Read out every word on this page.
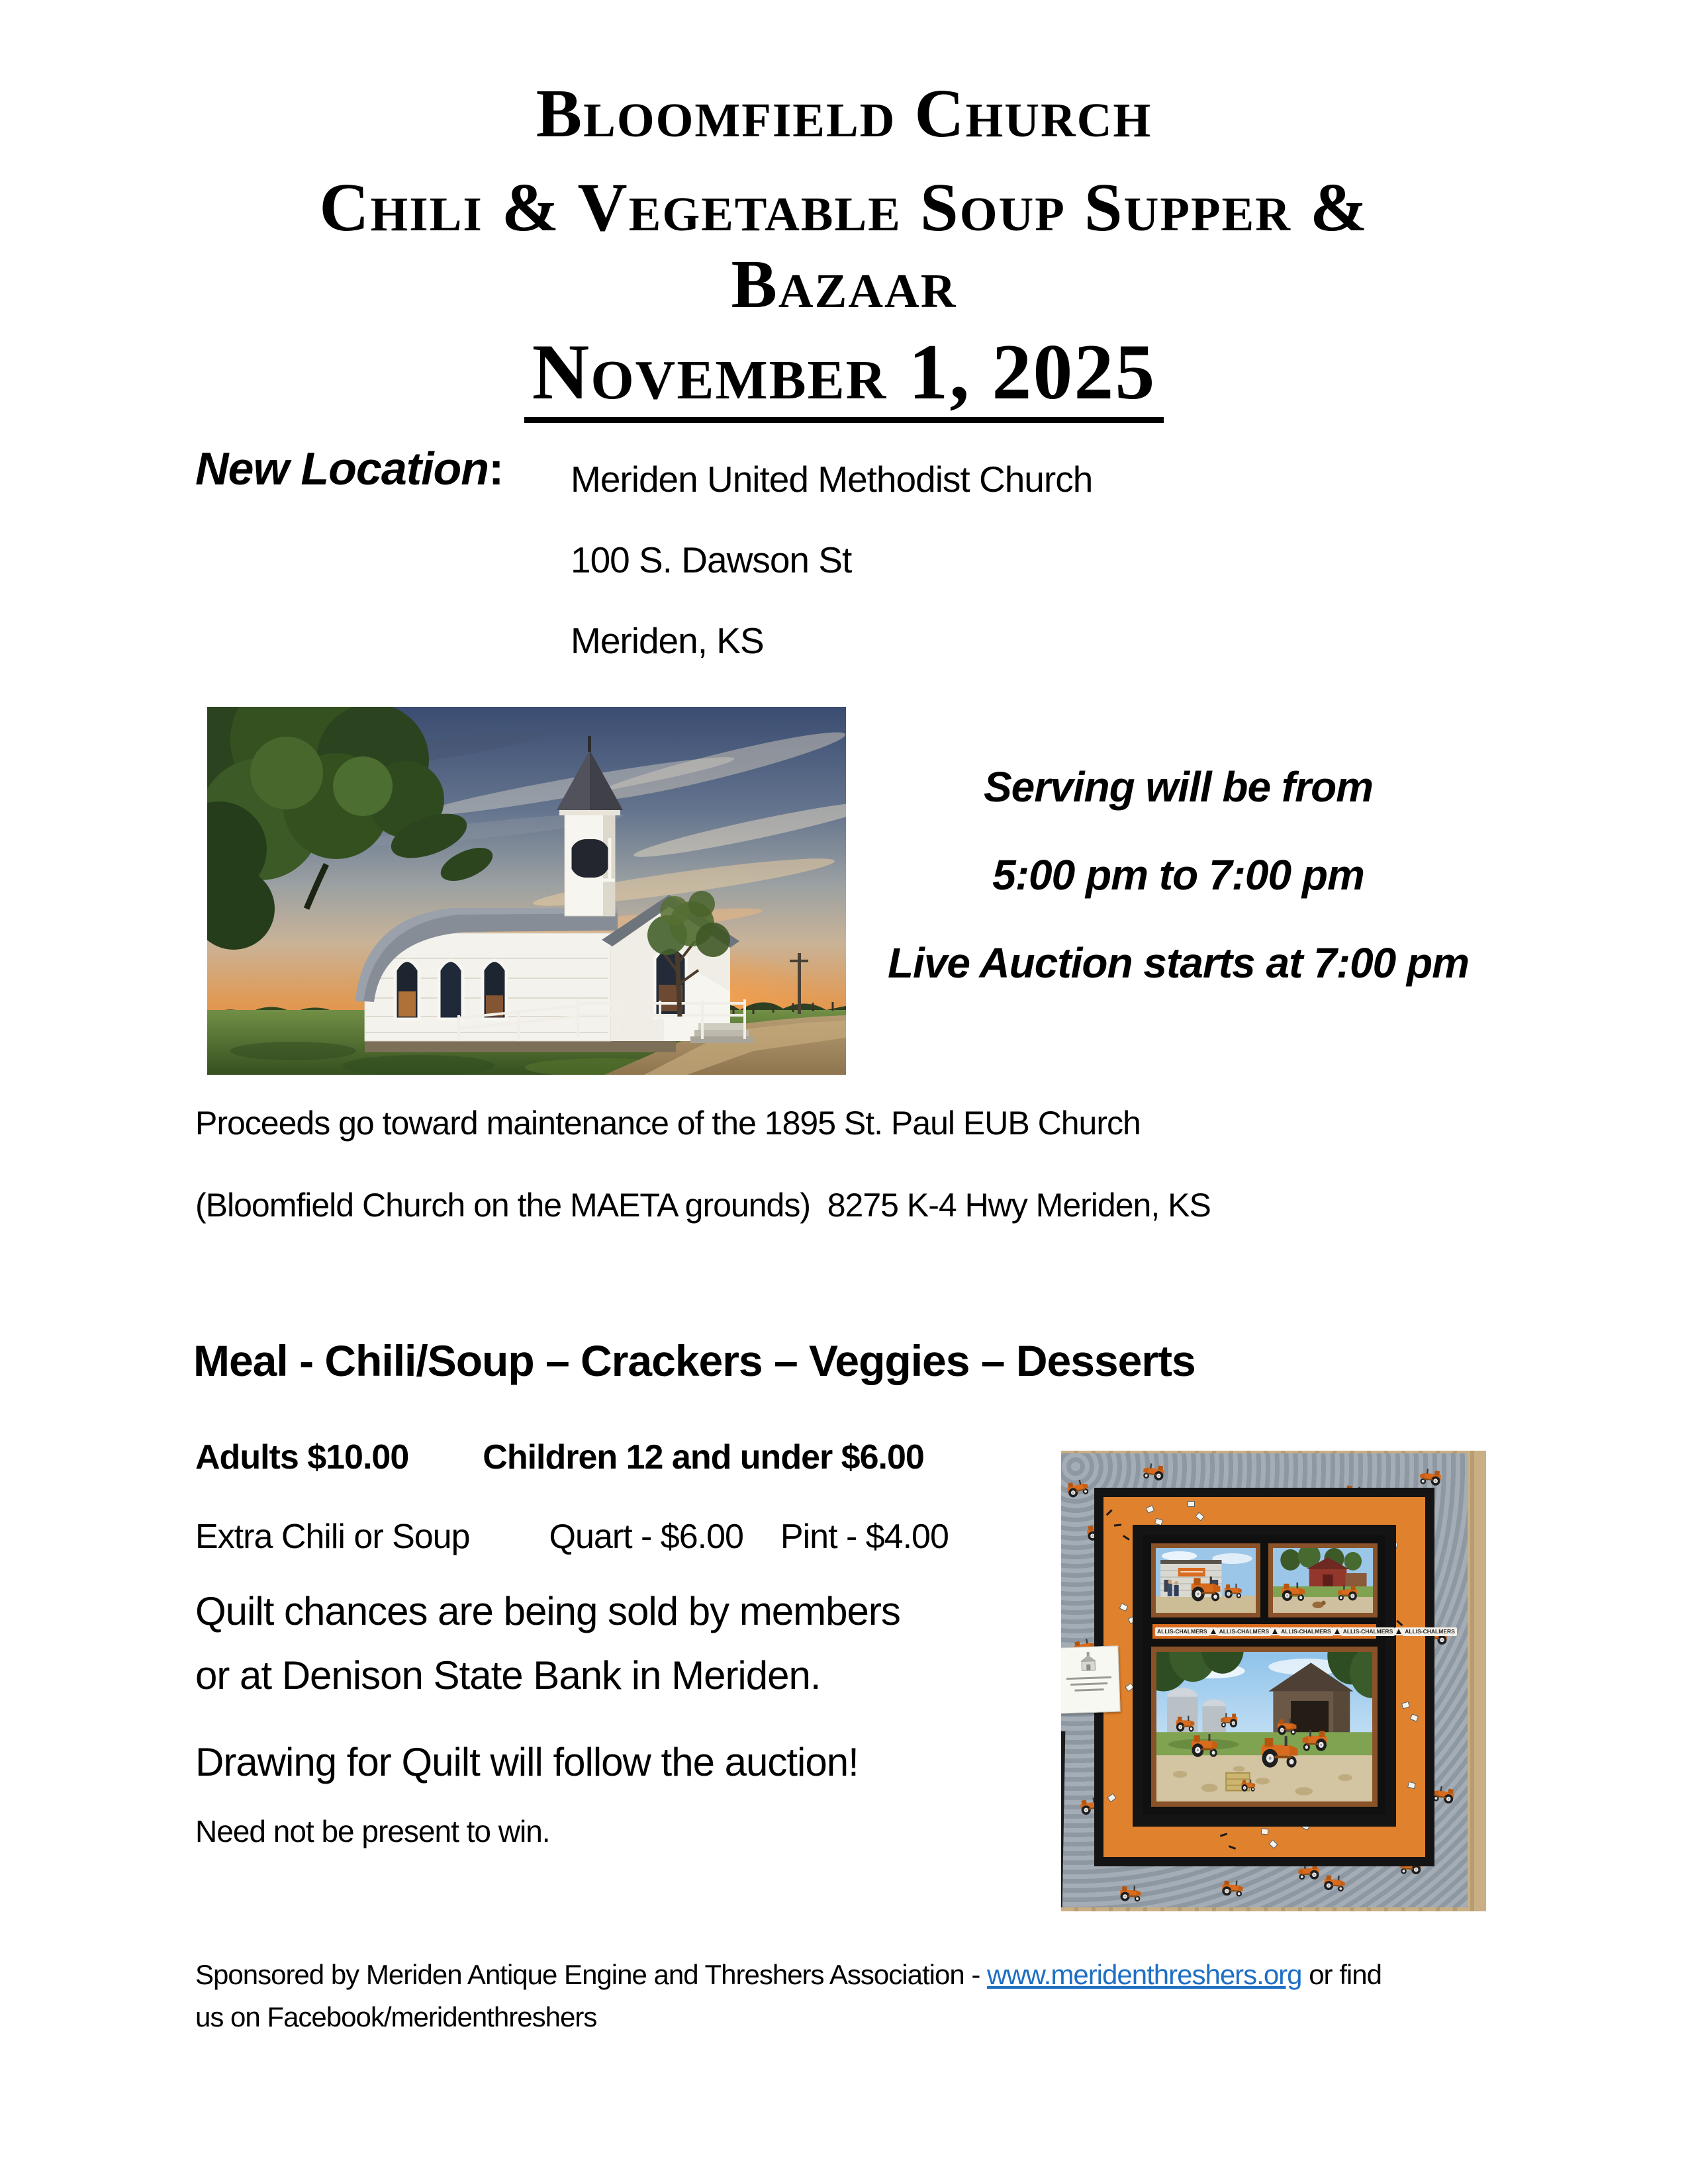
Bloomfield Church
Chili & Vegetable Soup Supper &
Bazaar
November 1, 2025
New Location: Meriden United Methodist Church
100 S. Dawson St
Meriden, KS
Serving will be from
5:00 pm to 7:00 pm
Live Auction starts at 7:00 pm
Proceeds go toward maintenance of the 1895 St. Paul EUB Church
(Bloomfield Church on the MAETA grounds)  8275 K-4 Hwy Meriden, KS
Meal - Chili/Soup – Crackers – Veggies – Desserts
Adults $10.00 Children 12 and under $6.00
Extra Chili or Soup Quart - $6.00 Pint - $4.00
Quilt chances are being sold by members
or at Denison State Bank in Meriden.
Drawing for Quilt will follow the auction!
Need not be present to win.
ALLIS-CHALMERS	ALLIS-CHALMERS	ALLIS-CHALMERS	ALLIS-CHALMERS	ALLIS-CHALMERS
Sponsored by Meriden Antique Engine and Threshers Association - www.meridenthreshers.org or find
us on Facebook/meridenthreshers
